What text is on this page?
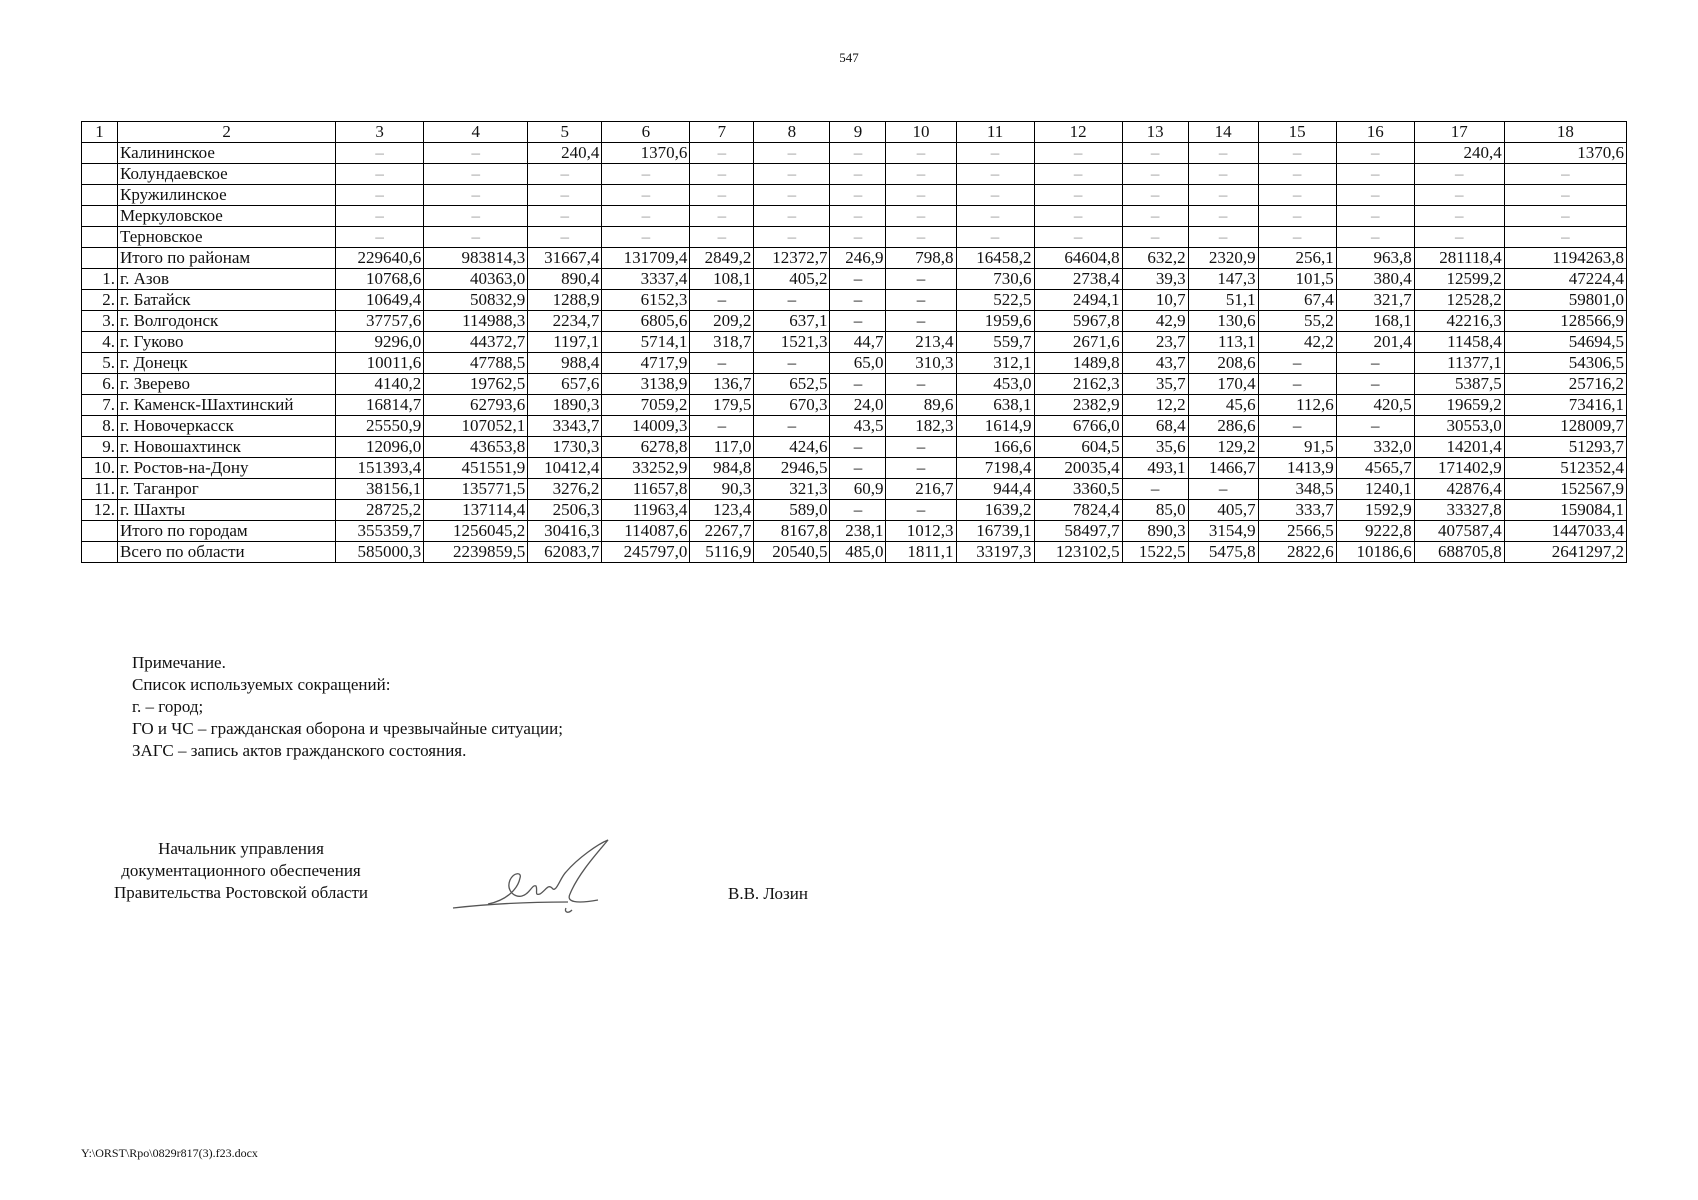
547
1	2	3	4	5	6	7	8	9	10	11	12	13	14	15	16	17	18
	Калининское	–	–	240,4	1370,6	–	–	–	–	–	–	–	–	–	–	240,4	1370,6
	Колундаевское	–	–	–	–	–	–	–	–	–	–	–	–	–	–	–	–
	Кружилинское	–	–	–	–	–	–	–	–	–	–	–	–	–	–	–	–
	Меркуловское	–	–	–	–	–	–	–	–	–	–	–	–	–	–	–	–
	Терновское	–	–	–	–	–	–	–	–	–	–	–	–	–	–	–	–
	Итого по районам	229640,6	983814,3	31667,4	131709,4	2849,2	12372,7	246,9	798,8	16458,2	64604,8	632,2	2320,9	256,1	963,8	281118,4	1194263,8
1.	г. Азов	10768,6	40363,0	890,4	3337,4	108,1	405,2	–	–	730,6	2738,4	39,3	147,3	101,5	380,4	12599,2	47224,4
2.	г. Батайск	10649,4	50832,9	1288,9	6152,3	–	–	–	–	522,5	2494,1	10,7	51,1	67,4	321,7	12528,2	59801,0
3.	г. Волгодонск	37757,6	114988,3	2234,7	6805,6	209,2	637,1	–	–	1959,6	5967,8	42,9	130,6	55,2	168,1	42216,3	128566,9
4.	г. Гуково	9296,0	44372,7	1197,1	5714,1	318,7	1521,3	44,7	213,4	559,7	2671,6	23,7	113,1	42,2	201,4	11458,4	54694,5
5.	г. Донецк	10011,6	47788,5	988,4	4717,9	–	–	65,0	310,3	312,1	1489,8	43,7	208,6	–	–	11377,1	54306,5
6.	г. Зверево	4140,2	19762,5	657,6	3138,9	136,7	652,5	–	–	453,0	2162,3	35,7	170,4	–	–	5387,5	25716,2
7.	г. Каменск-Шахтинский	16814,7	62793,6	1890,3	7059,2	179,5	670,3	24,0	89,6	638,1	2382,9	12,2	45,6	112,6	420,5	19659,2	73416,1
8.	г. Новочеркасск	25550,9	107052,1	3343,7	14009,3	–	–	43,5	182,3	1614,9	6766,0	68,4	286,6	–	–	30553,0	128009,7
9.	г. Новошахтинск	12096,0	43653,8	1730,3	6278,8	117,0	424,6	–	–	166,6	604,5	35,6	129,2	91,5	332,0	14201,4	51293,7
10.	г. Ростов-на-Дону	151393,4	451551,9	10412,4	33252,9	984,8	2946,5	–	–	7198,4	20035,4	493,1	1466,7	1413,9	4565,7	171402,9	512352,4
11.	г. Таганрог	38156,1	135771,5	3276,2	11657,8	90,3	321,3	60,9	216,7	944,4	3360,5	–	–	348,5	1240,1	42876,4	152567,9
12.	г. Шахты	28725,2	137114,4	2506,3	11963,4	123,4	589,0	–	–	1639,2	7824,4	85,0	405,7	333,7	1592,9	33327,8	159084,1
	Итого по городам	355359,7	1256045,2	30416,3	114087,6	2267,7	8167,8	238,1	1012,3	16739,1	58497,7	890,3	3154,9	2566,5	9222,8	407587,4	1447033,4
	Всего по области	585000,3	2239859,5	62083,7	245797,0	5116,9	20540,5	485,0	1811,1	33197,3	123102,5	1522,5	5475,8	2822,6	10186,6	688705,8	2641297,2
Примечание.
Список используемых сокращений:
г. – город;
ГО и ЧС – гражданская оборона и чрезвычайные ситуации;
ЗАГС – запись актов гражданского состояния.
Начальник управления
документационного обеспечения
Правительства Ростовской области	В.В. Лозин
Y:\ORST\Rpo\0829r817(3).f23.docx
